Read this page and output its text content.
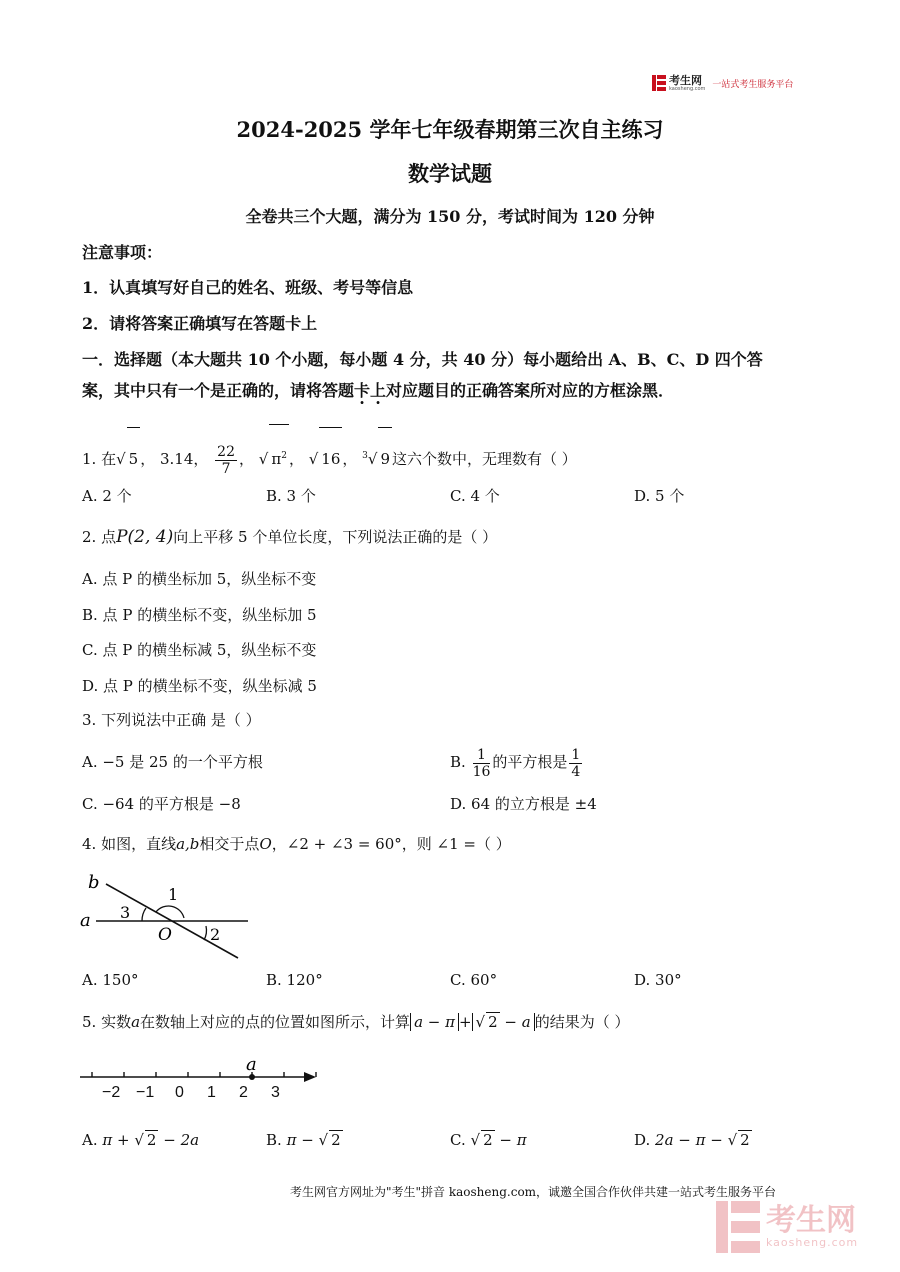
考生网
kaosheng.com 一站式考生服务平台
2024-2025 学年七年级春期第三次自主练习
数学试题
全卷共三个大题，满分为 150 分，考试时间为 120 分钟
注意事项：
1．认真填写好自己的姓名、班级、考号等信息
2．请将答案正确填写在答题卡上
一．选择题（本大题共 10 个小题，每小题 4 分，共 40 分）每小题给出 A、B、C、D 四个答
案，其中只有一个是正确的，请将答题卡上对应题目的正确答案所对应的方框涂黑．
1. 在√ 5 ， 3.14， $\frac{22}{7}$ ， √ $\pi^2$ ， √ 16 ， $^3$√ 9 这六个数中，无理数有（ ）
A. 2 个	B. 3 个	C. 4 个	D. 5 个
2. 点P(2, 4)向上平移 5 个单位长度，下列说法正确的是（ ）
A. 点 P 的横坐标加 5，纵坐标不变
B. 点 P 的横坐标不变，纵坐标加 5
C. 点 P 的横坐标减 5，纵坐标不变
D. 点 P 的横坐标不变，纵坐标减 5
3. 下列说法中正确 是（ ）
A. −5 是 25 的一个平方根	B. $\frac{1}{16}$ 的平方根是 $\frac{1}{4}$
C. −64 的平方根是 −8	D. 64 的立方根是 ±4
4. 如图，直线a,b相交于点O，∠2 + ∠3 = 60°，则 ∠1 =（ ）
b
a
1
2
3
O
A. 150°	B. 120°	C. 60°	D. 30°
5. 实数a在数轴上对应的点的位置如图所示，计算 a − π + √ 2 − a 的结果为（ ）
a
−2 −1 0 1 2 3
A. π + √ 2 − 2a	B. π − √ 2	C. √ 2 − π	D. 2a − π − √ 2
考生网官方网址为"考生"拼音 kaosheng.com，诚邀全国合作伙伴共建一站式考生服务平台
考生网
kaosheng.com
